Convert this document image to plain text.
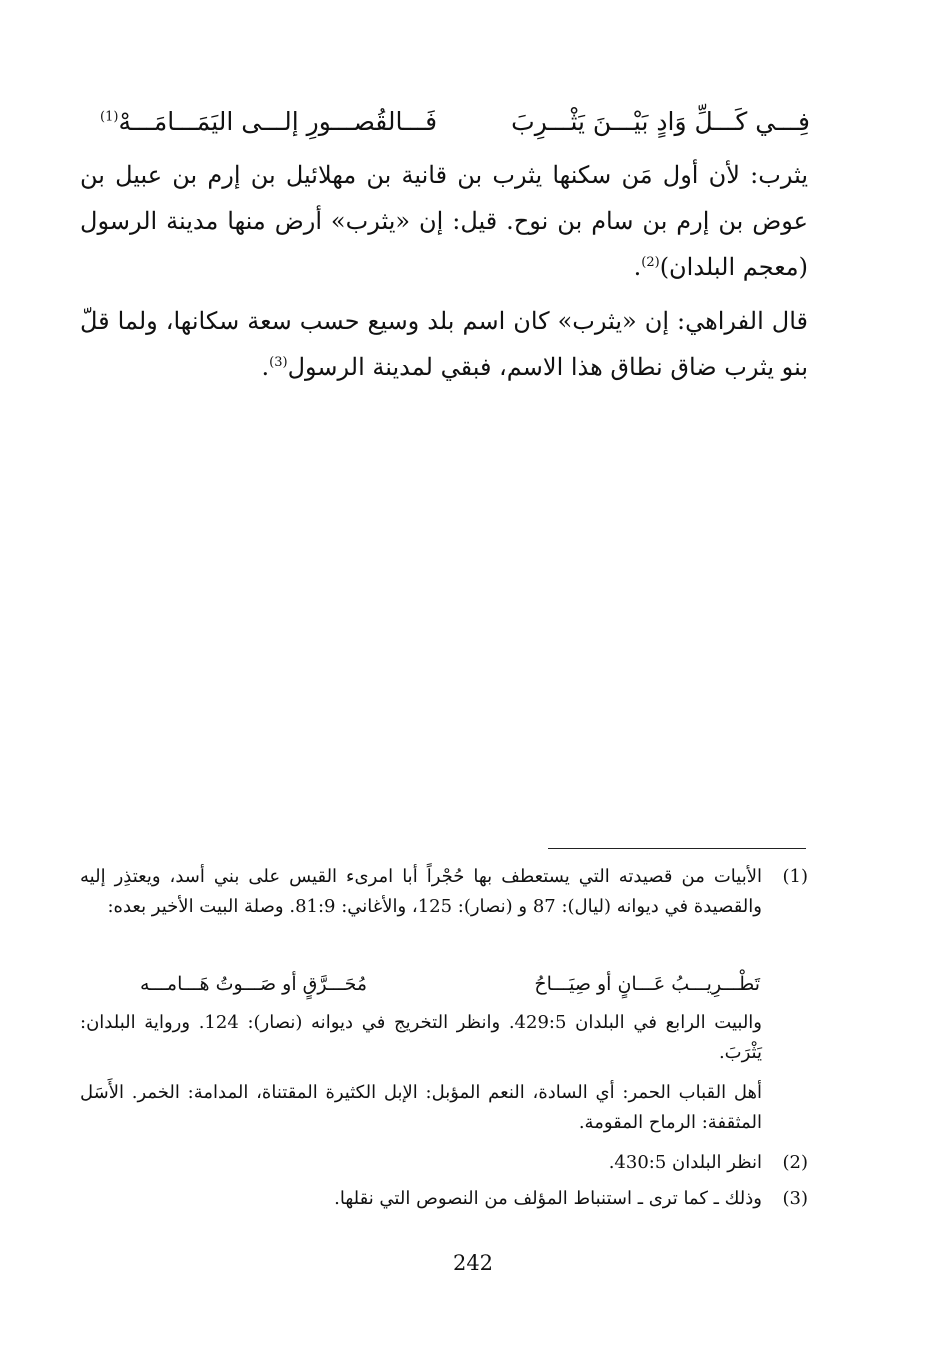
فِـــي كَـــلِّ وَادٍ بَيْـــنَ يَثْـــرِبَ
فَـــالقُصـــورِ إلـــى اليَمَـــامَـــهْ$^{(1)}$
يثرب: لأن أول مَن سكنها يثرب بن قانية بن مهلائيل بن إرم بن عبيل بن عوض بن إرم بن سام بن نوح. قيل: إن «يثرب» أرض منها مدينة الرسول (معجم البلدان)$^{(2)}$.
قال الفراهي: إن «يثرب» كان اسم بلد وسيع حسب سعة سكانها، ولما قلّ بنو يثرب ضاق نطاق هذا الاسم، فبقي لمدينة الرسول$^{(3)}$.
(1)
الأبيات من قصيدته التي يستعطف بها حُجْراً أبا امرىء القيس على بني أسد، ويعتذِر إليه والقصيدة في ديوانه (ليال): 87 و (نصار): 125، والأغاني: 81:9. وصلة البيت الأخير بعده:
تَطْـــرِيـــبُ عَـــانٍ أو صِيَـــاحُ
مُحَـــرَّقٍ أو صَـــوتُ هَـــامـــه
والبيت الرابع في البلدان 429:5. وانظر التخريج في ديوانه (نصار): 124. ورواية البلدان: يَثْرَبَ.
أهل القباب الحمر: أي السادة، النعم المؤبل: الإبل الكثيرة المقتناة، المدامة: الخمر. الأَسَل المثقفة: الرماح المقومة.
(2)
انظر البلدان 430:5.
(3)
وذلك ـ كما ترى ـ استنباط المؤلف من النصوص التي نقلها.
242
